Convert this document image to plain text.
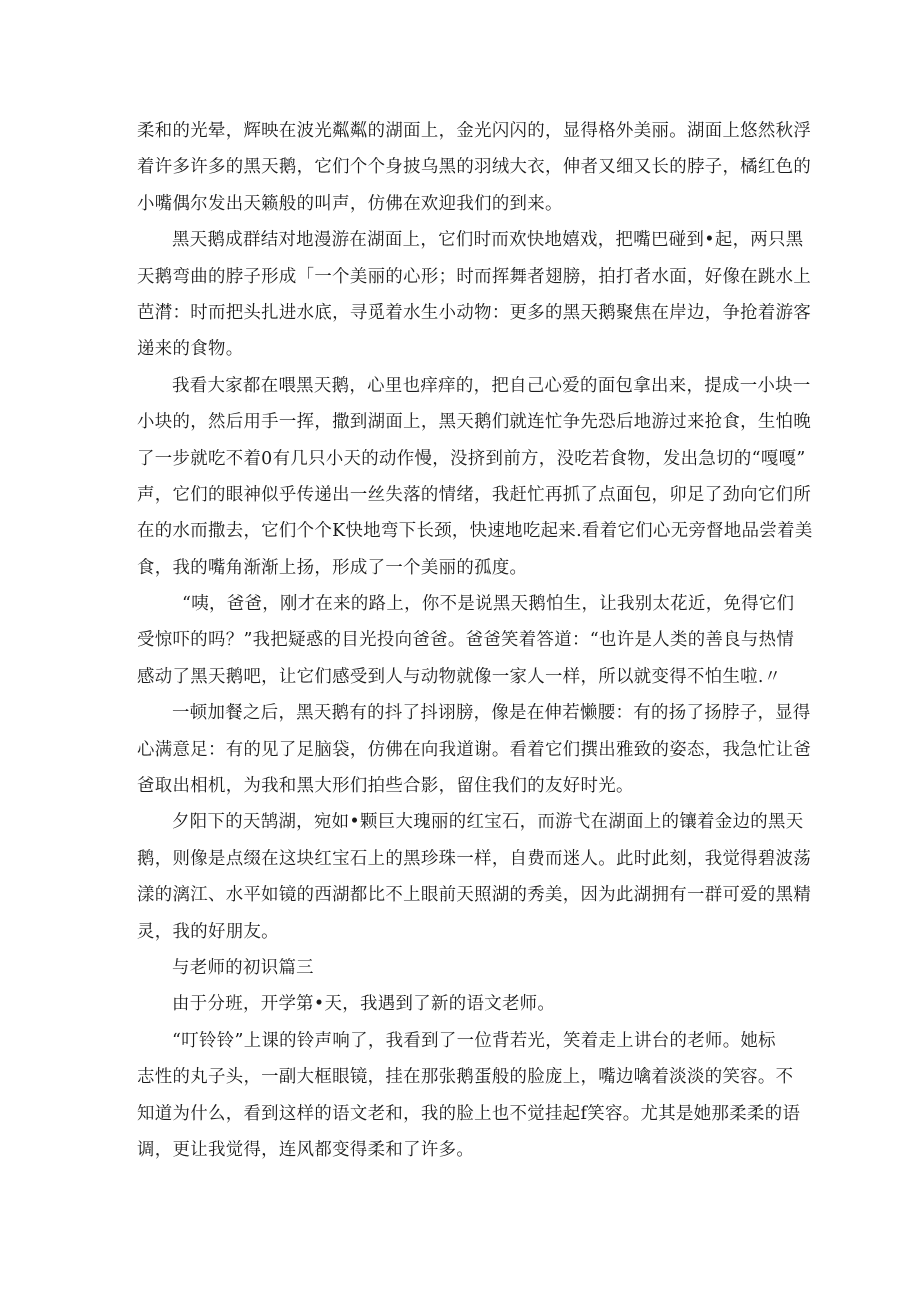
柔和的光晕，辉映在波光粼粼的湖面上，金光闪闪的，显得格外美丽。湖面上悠然秋浮
着许多许多的黑天鹅，它们个个身披乌黑的羽绒大衣，伸者又细又长的脖子，橘红色的
小嘴偶尔发出天籁般的叫声，仿佛在欢迎我们的到来。
黑天鹅成群结对地漫游在湖面上，它们时而欢快地嬉戏，把嘴巴碰到•起，两只黑
天鹅弯曲的脖子形成「一个美丽的心形；时而挥舞者翅膀，拍打者水面，好像在跳水上
芭潸：时而把头扎进水底，寻觅着水生小动物：更多的黑天鹅聚焦在岸边，争抢着游客
递来的食物。
我看大家都在喂黑天鹅，心里也痒痒的，把自己心爱的面包拿出来，提成一小块一
小块的，然后用手一挥，撒到湖面上，黑天鹅们就连忙争先恐后地游过来抢食，生怕晚
了一步就吃不着0有几只小天的动作慢，没挤到前方，没吃若食物，发出急切的“嘎嘎”
声，它们的眼神似乎传递出一丝失落的情绪，我赶忙再抓了点面包，卯足了劲向它们所
在的水而撒去，它们个个K快地弯下长颈，快速地吃起来.看着它们心无旁督地品尝着美
食，我的嘴角渐渐上扬，形成了一个美丽的孤度。
“咦，爸爸，刚才在来的路上，你不是说黑天鹅怕生，让我别太花近，免得它们
受惊吓的吗？”我把疑惑的目光投向爸爸。爸爸笑着答道：“也许是人类的善良与热情
感动了黑天鹅吧，让它们感受到人与动物就像一家人一样，所以就变得不怕生啦.〃
一顿加餐之后，黑天鹅有的抖了抖诩膀，像是在伸若懒腰：有的扬了扬脖子，显得
心满意足：有的见了足脑袋，仿佛在向我道谢。看着它们撰出雅致的姿态，我急忙让爸
爸取出相机，为我和黑大形们拍些合影，留住我们的友好时光。
夕阳下的天鹄湖，宛如•颗巨大瑰丽的红宝石，而游弋在湖面上的镶着金边的黑天
鹅，则像是点缀在这块红宝石上的黑珍珠一样，自费而迷人。此时此刻，我觉得碧波荡
漾的漓江、水平如镜的西湖都比不上眼前天照湖的秀美，因为此湖拥有一群可爱的黑精
灵，我的好朋友。
与老师的初识篇三
由于分班，开学第•天，我遇到了新的语文老师。
“叮铃铃”上课的铃声响了，我看到了一位背若光，笑着走上讲台的老师。她标
志性的丸子头，一副大框眼镜，挂在那张鹅蛋般的脸庞上，嘴边噙着淡淡的笑容。不
知道为什么，看到这样的语文老和，我的脸上也不觉挂起f笑容。尤其是她那柔柔的语
调，更让我觉得，连风都变得柔和了许多。
